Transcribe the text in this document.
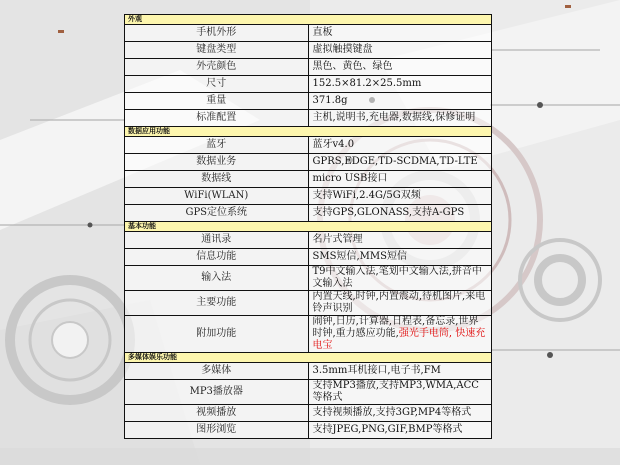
外观	
手机外形	直板
键盘类型	虚拟触摸键盘
外壳颜色	黑色、黄色、绿色
尺寸	152.5×81.2×25.5mm
重量	371.8g
标准配置	主机,说明书,充电器,数据线,保修证明
数据应用功能	
蓝牙	蓝牙v4.0
数据业务	GPRS,EDGE,TD-SCDMA,TD-LTE
数据线	micro USB接口
WiFi(WLAN)	支持WiFi,2.4G/5G双频
GPS定位系统	支持GPS,GLONASS,支持A-GPS
基本功能	
通讯录	名片式管理
信息功能	SMS短信,MMS短信
输入法	T9中文输入法,笔划中文输入法,拼音中文输入法
主要功能	内置天线,时钟,内置震动,待机图片,来电铃声识别
附加功能	闹钟,日历,计算器,日程表,备忘录,世界时钟,重力感应功能,强光手电筒, 快速充电宝
多媒体娱乐功能	
多媒体	3.5mm耳机接口,电子书,FM
MP3播放器	支持MP3播放,支持MP3,WMA,ACC等格式
视频播放	支持视频播放,支持3GP,MP4等格式
图形浏览	支持JPEG,PNG,GIF,BMP等格式
